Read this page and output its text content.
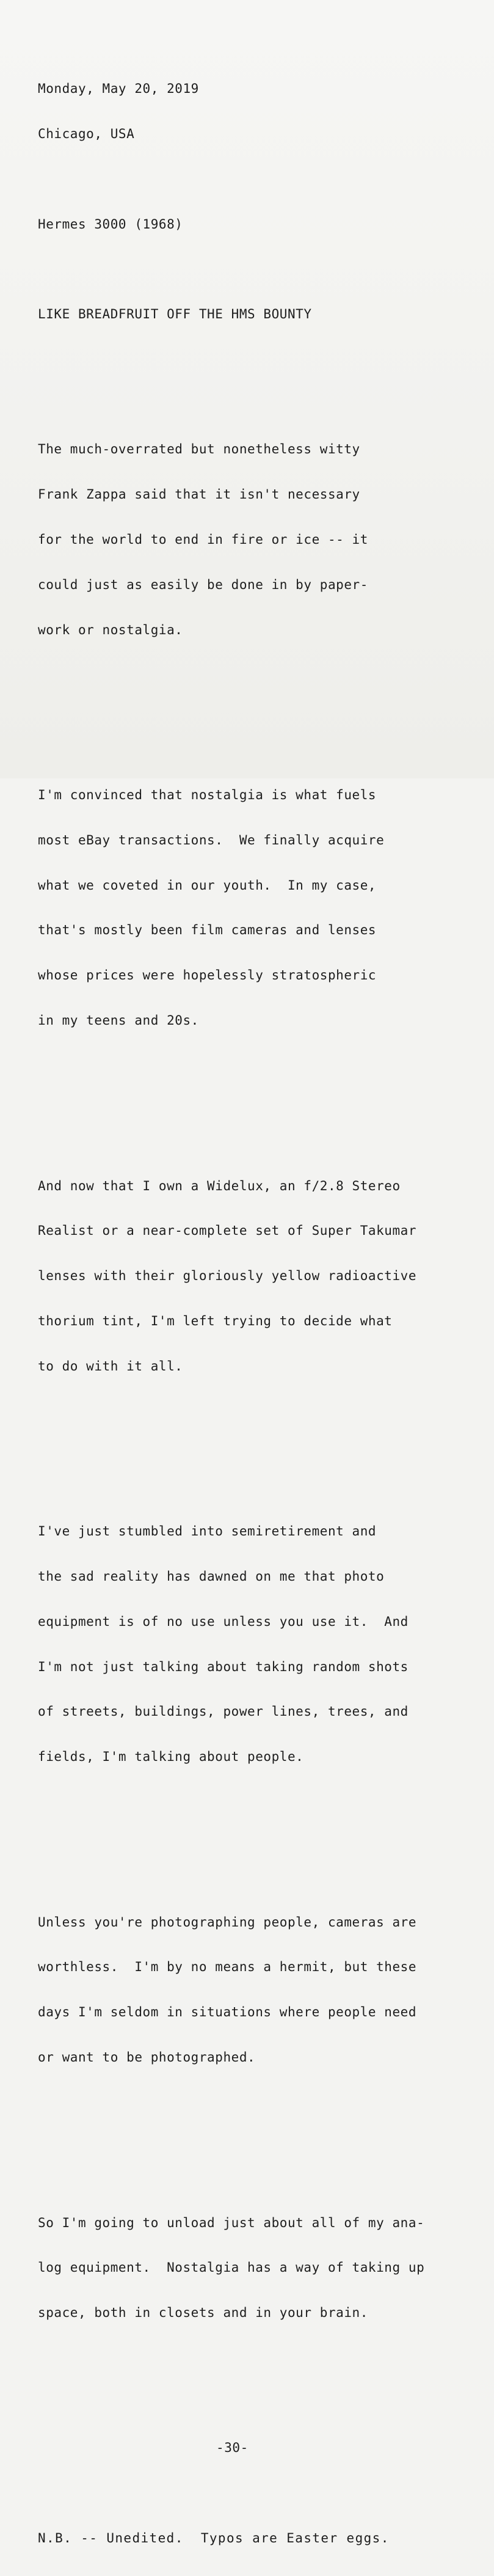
Monday, May 20, 2019

Chicago, USA

Hermes 3000 (1968)

LIKE BREADFRUIT OFF THE HMS BOUNTY

The much-overrated but nonetheless witty

Frank Zappa said that it isn't necessary

for the world to end in fire or ice -- it

could just as easily be done in by paper-

work or nostalgia.

I'm convinced that nostalgia is what fuels

most eBay transactions.  We finally acquire

what we coveted in our youth.  In my case,

that's mostly been film cameras and lenses

whose prices were hopelessly stratospheric

in my teens and 20s.

And now that I own a Widelux, an f/2.8 Stereo

Realist or a near-complete set of Super Takumar

lenses with their gloriously yellow radioactive

thorium tint, I'm left trying to decide what

to do with it all.

I've just stumbled into semiretirement and

the sad reality has dawned on me that photo

equipment is of no use unless you use it.  And

I'm not just talking about taking random shots

of streets, buildings, power lines, trees, and

fields, I'm talking about people.

Unless you're photographing people, cameras are

worthless.  I'm by no means a hermit, but these

days I'm seldom in situations where people need

or want to be photographed.

So I'm going to unload just about all of my ana-

log equipment.  Nostalgia has a way of taking up

space, both in closets and in your brain.

-30-

N.B. -- Unedited.  Typos are Easter eggs.
